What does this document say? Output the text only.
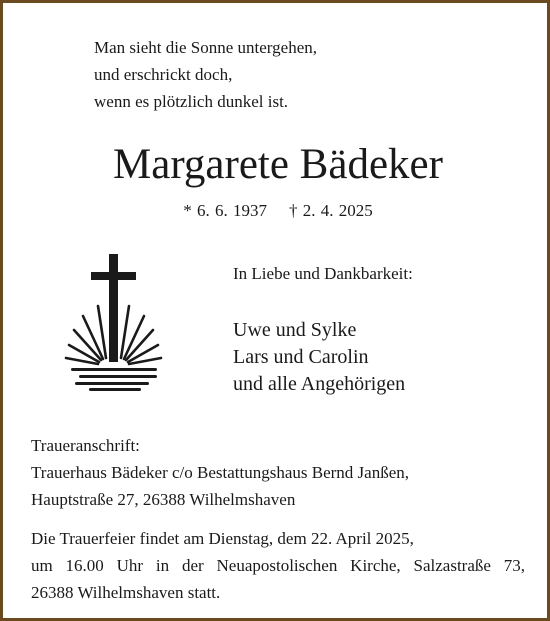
Man sieht die Sonne untergehen,
und erschrickt doch,
wenn es plötzlich dunkel ist.
Margarete Bädeker
* 6. 6. 1937 † 2. 4. 2025
In Liebe und Dankbarkeit:
Uwe und Sylke
Lars und Carolin
und alle Angehörigen
Traueranschrift:
Trauerhaus Bädeker c/o Bestattungshaus Bernd Janßen,
Hauptstraße 27, 26388 Wilhelmshaven
Die Trauerfeier findet am Dienstag, dem 22. April 2025,
um 16.00 Uhr in der Neuapostolischen Kirche, Salzastraße 73,
26388 Wilhelmshaven statt.
